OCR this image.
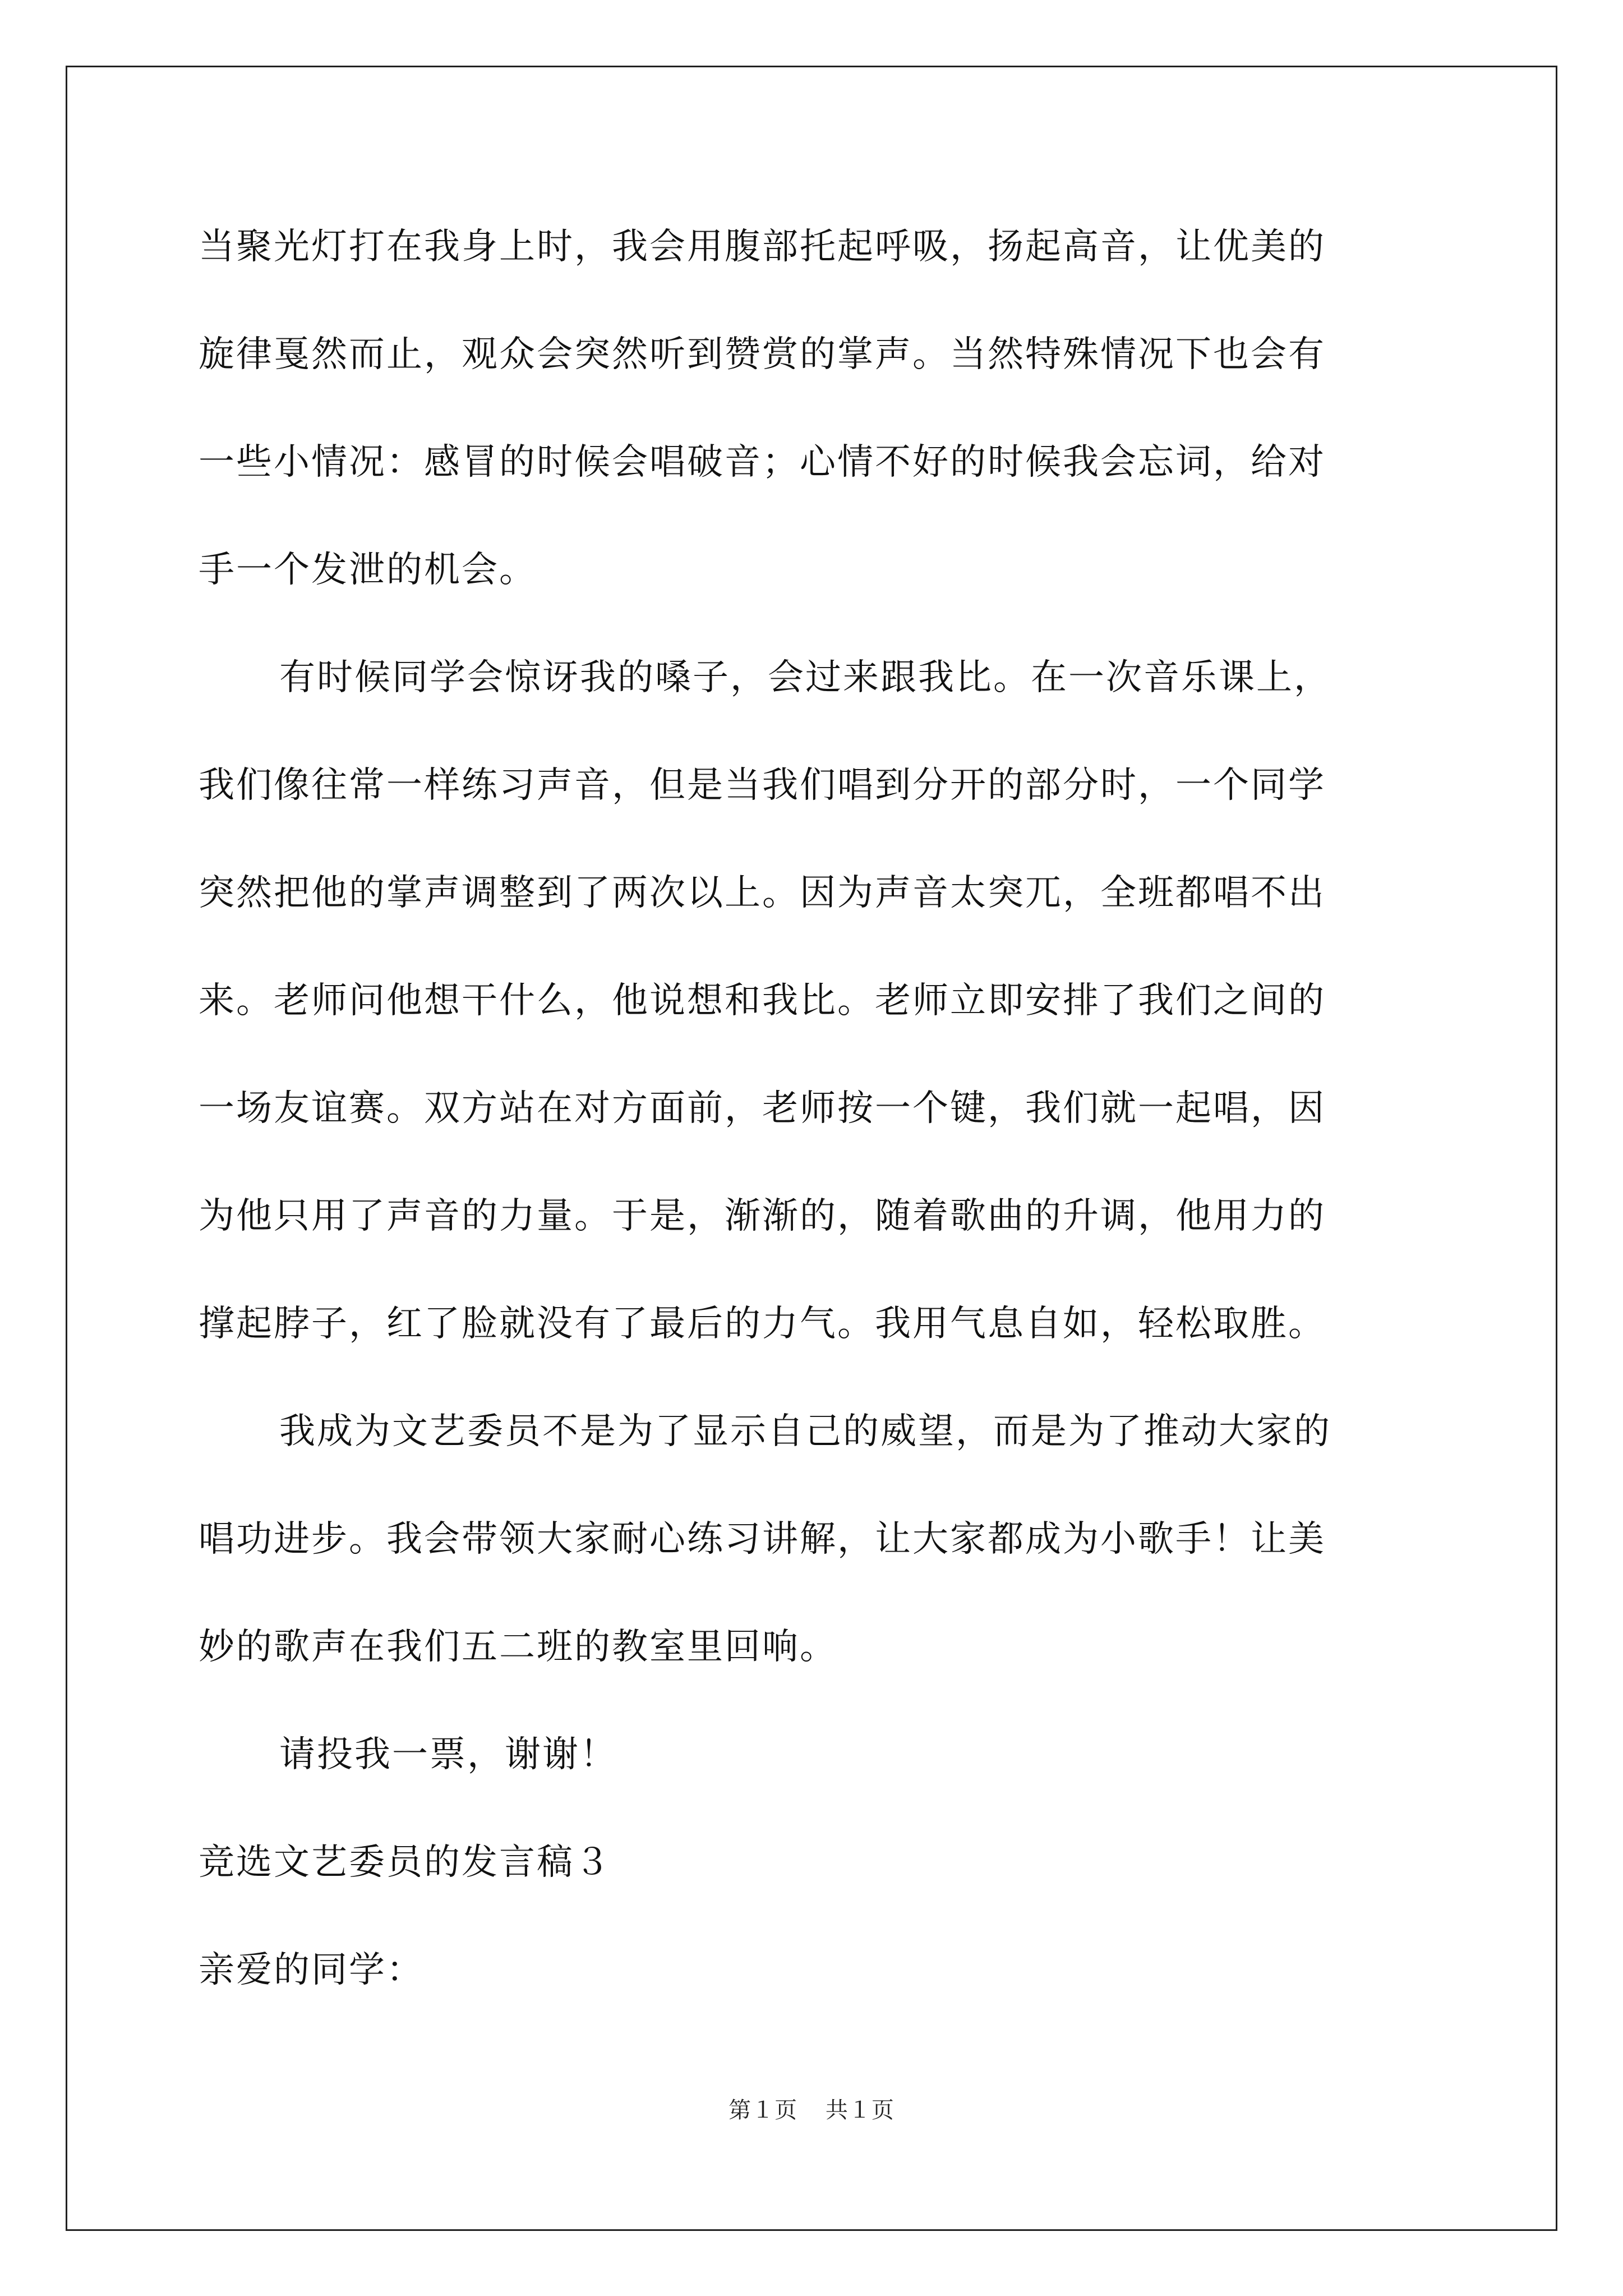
当聚光灯打在我身上时，我会用腹部托起呼吸，扬起高音，让优美的
旋律戛然而止，观众会突然听到赞赏的掌声。当然特殊情况下也会有
一些小情况：感冒的时候会唱破音；心情不好的时候我会忘词，给对
手一个发泄的机会。
有时候同学会惊讶我的嗓子，会过来跟我比。在一次音乐课上，
我们像往常一样练习声音，但是当我们唱到分开的部分时，一个同学
突然把他的掌声调整到了两次以上。因为声音太突兀，全班都唱不出
来。老师问他想干什么，他说想和我比。老师立即安排了我们之间的
一场友谊赛。双方站在对方面前，老师按一个键，我们就一起唱，因
为他只用了声音的力量。于是，渐渐的，随着歌曲的升调，他用力的
撑起脖子，红了脸就没有了最后的力气。我用气息自如，轻松取胜。
我成为文艺委员不是为了显示自己的威望，而是为了推动大家的
唱功进步。我会带领大家耐心练习讲解，让大家都成为小歌手！让美
妙的歌声在我们五二班的教室里回响。
请投我一票，谢谢！
竞选文艺委员的发言稿３
亲爱的同学：
第１页 共１页
